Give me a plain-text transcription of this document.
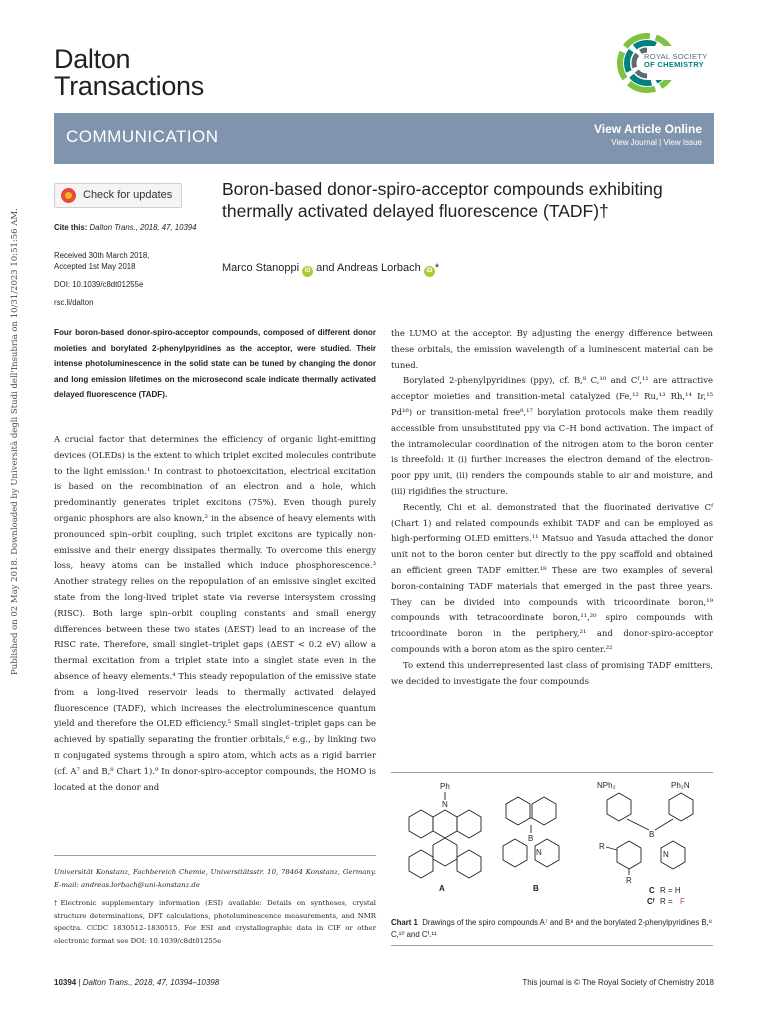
Dalton
Transactions
ROYAL SOCIETY
OF CHEMISTRY
COMMUNICATION	View Article Online
View Journal | View Issue
Published on 02 May 2018. Downloaded by Università degli Studi dell'Insubria on 10/31/2023 10:51:56 AM.
Check for updates
Cite this: Dalton Trans., 2018, 47, 10394
Received 30th March 2018,
Accepted 1st May 2018
DOI: 10.1039/c8dt01255e
rsc.li/dalton
Boron-based donor-spiro-acceptor compounds exhibiting thermally activated delayed fluorescence (TADF)†
Marco Stanoppi iD and Andreas Lorbach iD *
Four boron-based donor-spiro-acceptor compounds, composed of different donor moieties and borylated 2-phenylpyridines as the acceptor, were studied. Their intense photoluminescence in the solid state can be tuned by changing the donor and long emission lifetimes on the microsecond scale indicate thermally activated delayed fluorescence (TADF).

A crucial factor that determines the efficiency of organic light-emitting devices (OLEDs) is the extent to which triplet excited molecules contribute to the light emission.¹ In contrast to photoexcitation, electrical excitation is based on the recombination of an electron and a hole, which predominantly generates triplet excitons (75%). Even though purely organic phosphors are also known,² in the absence of heavy elements with pronounced spin–orbit coupling, such triplet excitons are typically non-emissive and their energy dissipates thermally. To overcome this energy loss, heavy atoms can be installed which induce phosphorescence.³ Another strategy relies on the repopulation of an emissive singlet excited state from the long-lived triplet state via reverse intersystem crossing (RISC). Both large spin–orbit coupling constants and small energy differences between these two states (ΔEST) lead to an increase of the RISC rate. Therefore, small singlet–triplet gaps (ΔEST < 0.2 eV) allow a thermal excitation from a triplet state into a singlet state even in the absence of heavy elements.⁴ This steady repopulation of the emissive state from a long-lived reservoir leads to thermally activated delayed fluorescence (TADF), which increases the electroluminescence quantum yield and therefore the OLED efficiency.⁵ Small singlet–triplet gaps can be achieved by spatially separating the frontier orbitals,⁶ e.g., by linking two π conjugated systems through a spiro atom, which acts as a rigid barrier (cf. A⁷ and B,⁸ Chart 1).⁹ In donor-spiro-acceptor compounds, the HOMO is located at the donor and

the LUMO at the acceptor. By adjusting the energy difference between these orbitals, the emission wavelength of a luminescent material can be tuned.

Borylated 2-phenylpyridines (ppy), cf. B,⁸ C,¹⁰ and Cᶠ,¹¹ are attractive acceptor moieties and transition-metal catalyzed (Fe,¹² Ru,¹³ Rh,¹⁴ Ir,¹⁵ Pd¹⁶) or transition-metal free⁸,¹⁷ borylation protocols make them readily accessible from unsubstituted ppy via C–H bond activation. The impact of the intramolecular coordination of the nitrogen atom to the boron center is threefold: it (i) further increases the electron demand of the electron-poor ppy unit, (ii) renders the compounds stable to air and moisture, and (iii) rigidifies the structure.

Recently, Chi et al. demonstrated that the fluorinated derivative Cᶠ (Chart 1) and related compounds exhibit TADF and can be employed as high-performing OLED emitters.¹¹ Matsuo and Yasuda attached the donor unit not to the boron center but directly to the ppy scaffold and obtained an efficient green TADF emitter.¹⁸ These are two examples of several boron-containing TADF materials that emerged in the past three years. They can be divided into compounds with tricoordinate boron,¹⁹ compounds with tetracoordinate boron,¹¹,²⁰ spiro compounds with tricoordinate boron in the periphery,²¹ and donor-spiro-acceptor compounds with a boron atom as the spiro center.²²

To extend this underrepresented last class of promising TADF emitters, we decided to investigate the four compounds

Universität Konstanz, Fachbereich Chemie, Universitätsstr. 10, 78464 Konstanz, Germany. E-mail: andreas.lorbach@uni-konstanz.de

†Electronic supplementary information (ESI) available: Details on syntheses, crystal structure determinations, DFT calculations, photoluminescence measurements, and NMR spectra. CCDC 1830512–1830515. For ESI and crystallographic data in CIF or other electronic format see DOI: 10.1039/c8dt01255e

Ph
N
A
B
N
B
NPh₂	Ph₂N
B
N
R
R
C R = H
Cᶠ R = F
Chart 1 Drawings of the spiro compounds A⁷ and B⁸ and the borylated 2-phenylpyridines B,⁸ C,¹⁰ and Cᶠ.¹¹
10394 | Dalton Trans., 2018, 47, 10394–10398	This journal is © The Royal Society of Chemistry 2018
